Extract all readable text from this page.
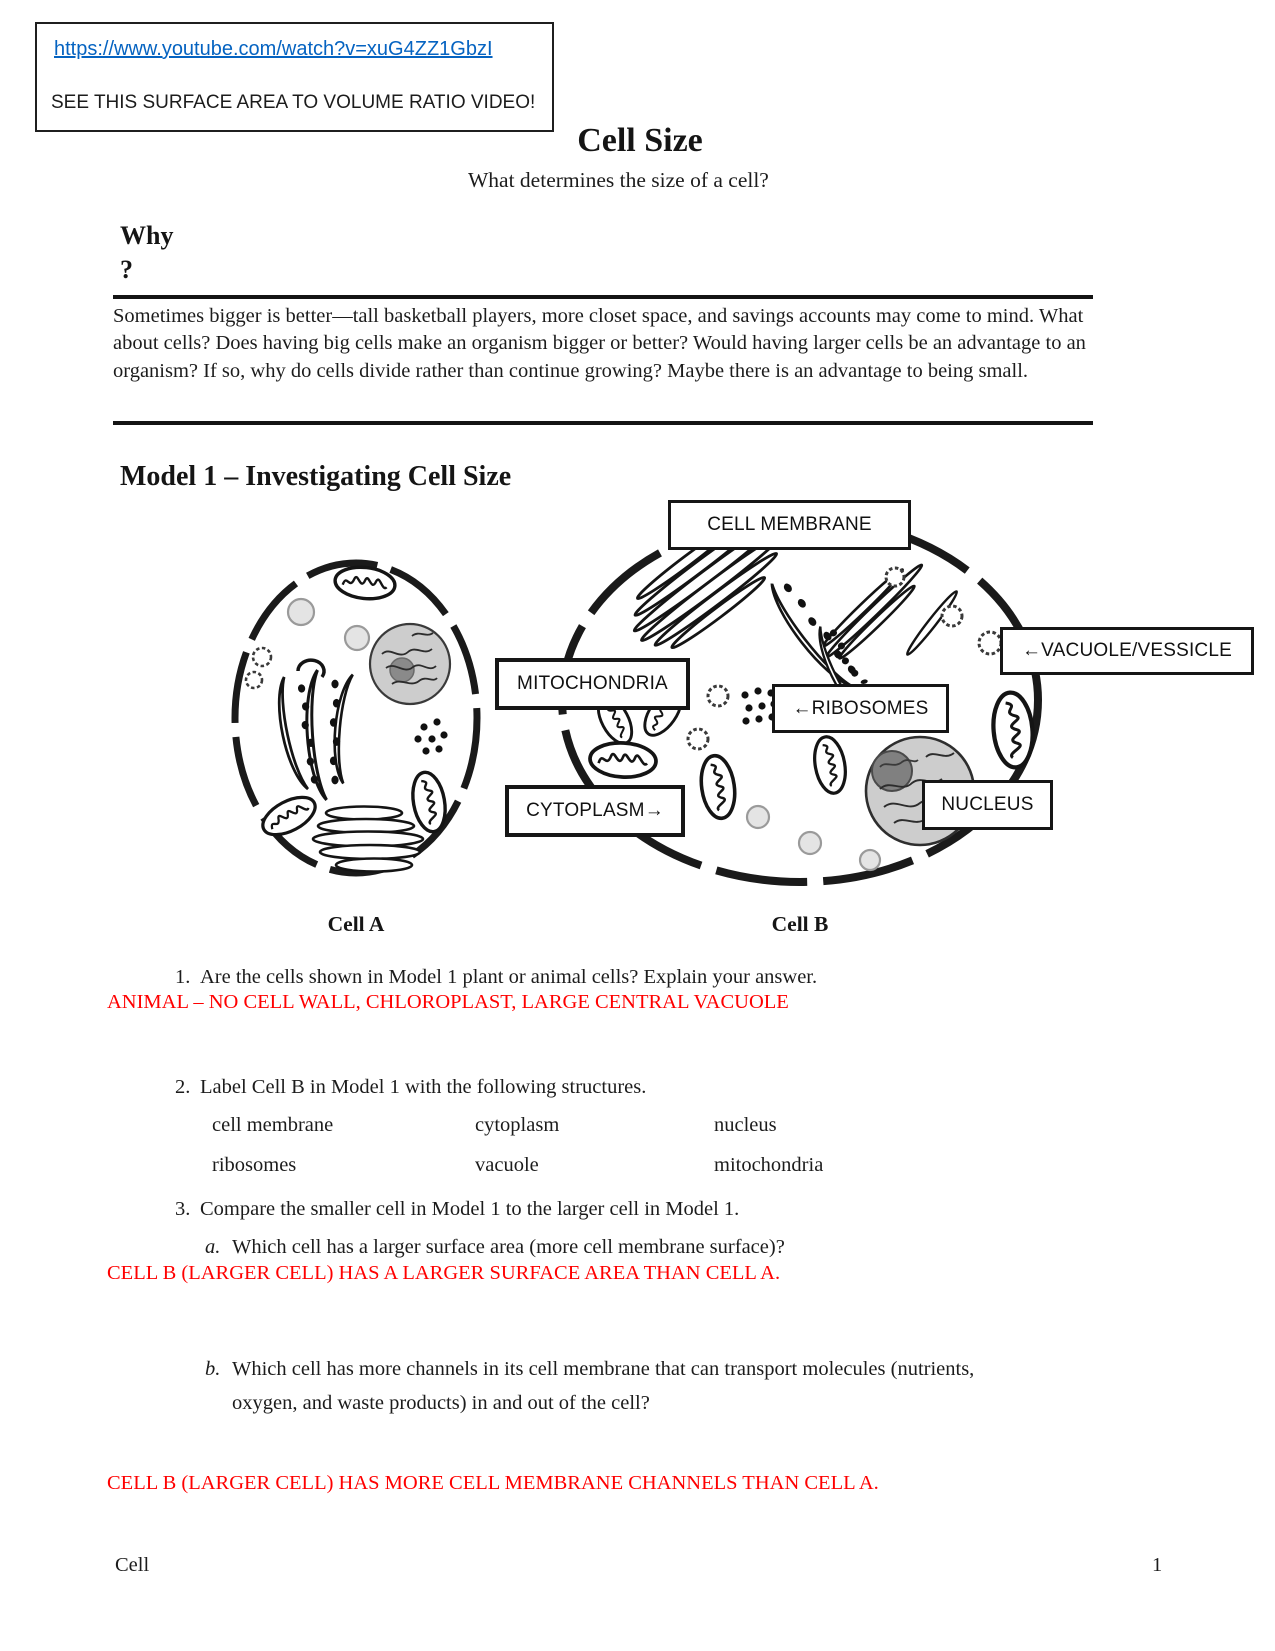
https://www.youtube.com/watch?v=xuG4ZZ1GbzI
SEE THIS SURFACE AREA TO VOLUME RATIO VIDEO!
Cell Size
What determines the size of a cell?
Why
?
Sometimes bigger is better—tall basketball players, more closet space, and savings accounts may come to mind. What about cells? Does having big cells make an organism bigger or better? Would having larger cells be an advantage to an organism? If so, why do cells divide rather than continue growing? Maybe there is an advantage to being small.
Model 1 – Investigating Cell Size
CELL MEMBRANE
MITOCHONDRIA
←VACUOLE/VESSICLE
←RIBOSOMES
CYTOPLASM→	NUCLEUS
Cell A	Cell B
1. Are the cells shown in Model 1 plant or animal cells? Explain your answer.
ANIMAL – NO CELL WALL, CHLOROPLAST, LARGE CENTRAL VACUOLE
2. Label Cell B in Model 1 with the following structures.
cell membrane	cytoplasm	nucleus
ribosomes	vacuole	mitochondria
3. Compare the smaller cell in Model 1 to the larger cell in Model 1.
a. Which cell has a larger surface area (more cell membrane surface)?
CELL B (LARGER CELL) HAS A LARGER SURFACE AREA THAN CELL A.
b. Which cell has more channels in its cell membrane that can transport molecules (nutrients, oxygen, and waste products) in and out of the cell?
CELL B (LARGER CELL) HAS MORE CELL MEMBRANE CHANNELS THAN CELL A.
Cell	1
